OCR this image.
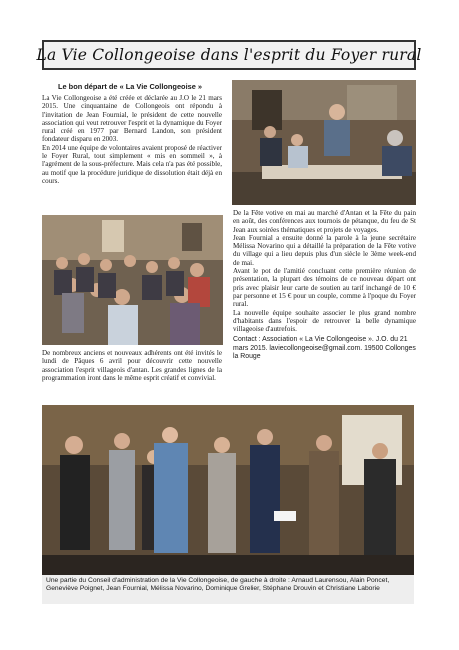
La Vie Collongeoise dans l'esprit du Foyer rural
Le bon départ de « La Vie Collongeoise »

La Vie Collongeoise a été créée et déclarée au J.O le 21 mars 2015. Une cinquantaine de Collongeois ont répondu à l'invitation de Jean Fournial, le président de cette nouvelle association qui veut retrouver l'esprit et la dynamique du Foyer rural créé en 1977 par Bernard Landon, son président fondateur disparu en 2003.

En 2014 une équipe de volontaires avaient proposé de réactiver le Foyer Rural, tout simplement « mis en sommeil », à l'agrément de la sous-préfecture. Mais cela n'a pas été possible, au motif que la procédure juridique de dissolution était déjà en cours.

De nombreux anciens et nouveaux adhérents ont été invités le lundi de Pâques 6 avril pour découvrir cette nouvelle association l'esprit villageois d'antan. Les grandes lignes de la programmation iront dans le même esprit créatif et convivial.

De la Fête votive en mai au marché d'Antan et la Fête du pain en août, des conférences aux tournois de pétanque, du feu de St Jean aux soirées thématiques et projets de voyages.

Jean Fournial a ensuite donné la parole à la jeune secrétaire Mélissa Novarino qui a détaillé la préparation de la Fête votive du village qui a lieu depuis plus d'un siècle le 3ème week-end de mai.

Avant le pot de l'amitié concluant cette première réunion de présentation, la plupart des témoins de ce nouveau départ ont pris avec plaisir leur carte de soutien au tarif inchangé de 10 € par personne et 15 € pour un couple, comme à l'poque du Foyer rural.

La nouvelle équipe souhaite associer le plus grand nombre d'habitants dans l'espoir de retrouver la belle dynamique villageoise d'autrefois.

Contact : Association « La Vie Collongeoise ». J.O. du 21 mars 2015. laviecollongeoise@gmail.com. 19500 Collonges la Rouge

Une partie du Conseil d'administration de la Vie Collongeoise, de gauche à droite : Arnaud Laurensou, Alain Poncet, Geneviève Poignet, Jean Fournial, Mélissa Novarino, Dominique Grelier, Stéphane Drouvin et Christiane Laborie
